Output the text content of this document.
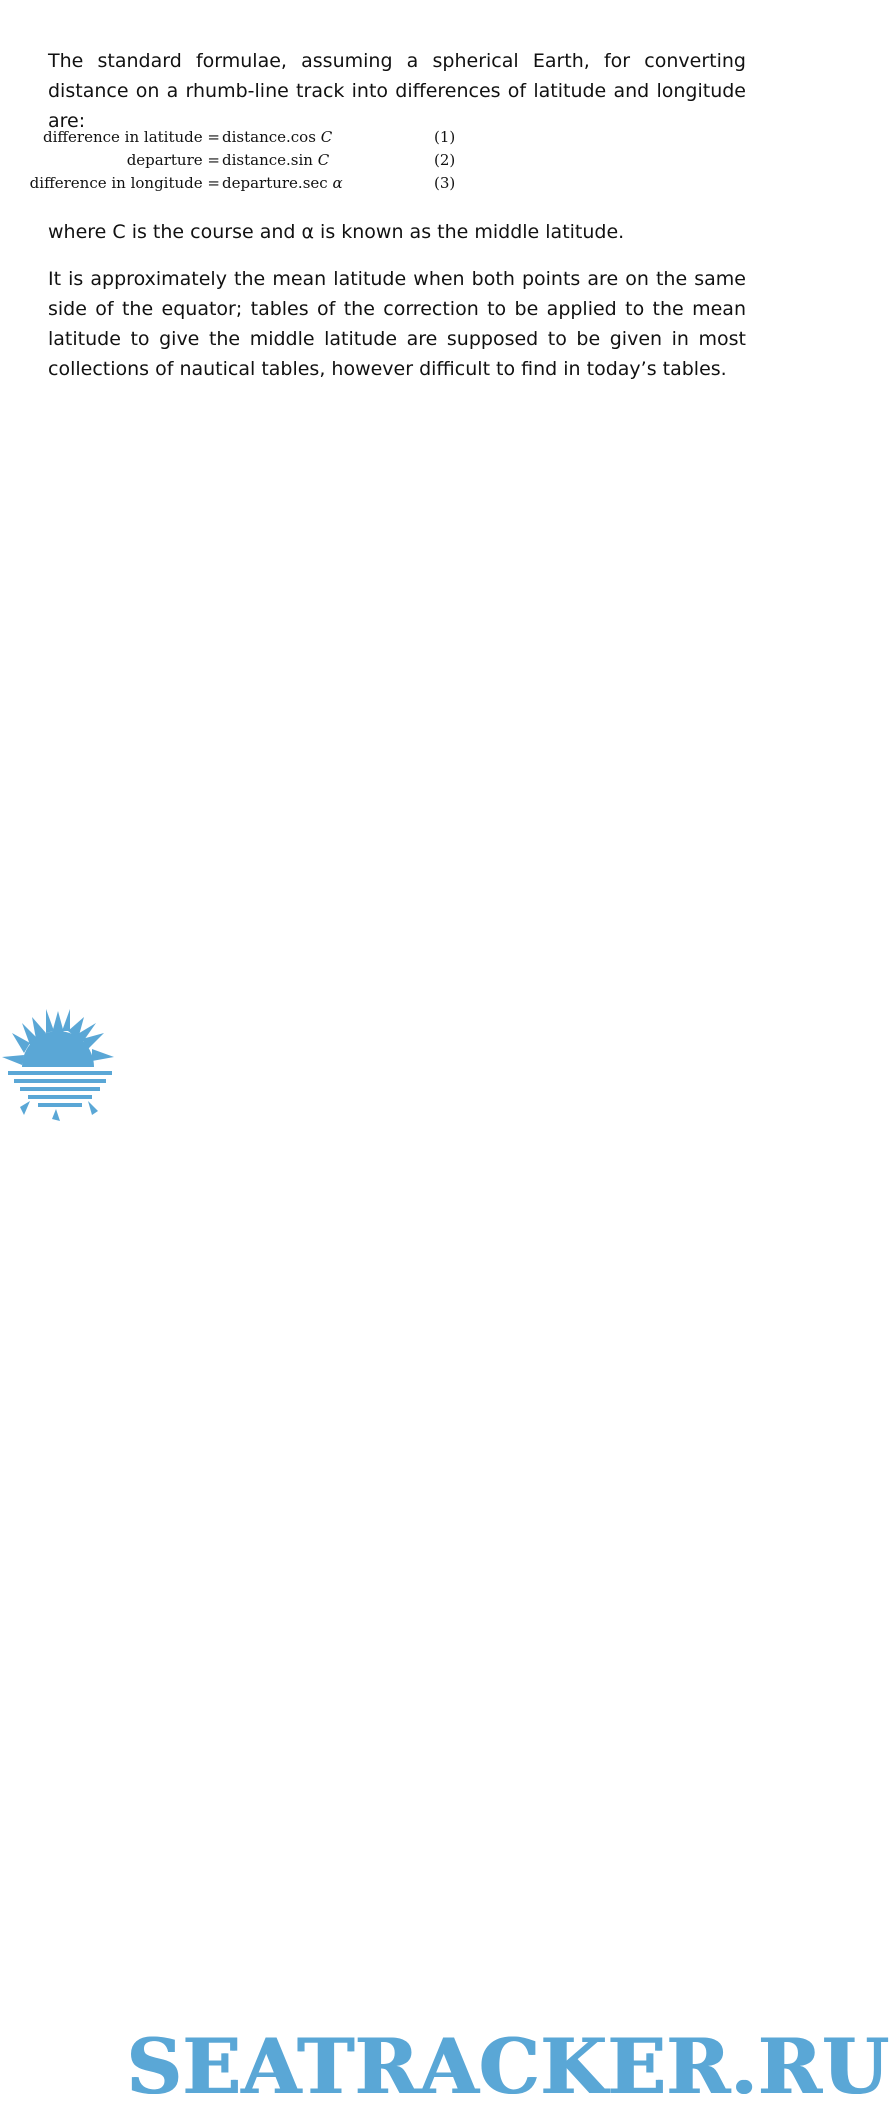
The standard formulae, assuming a spherical Earth, for converting distance on a rhumb-line track into differences of latitude and longitude are:

difference in latitude = distance.cos C	(1)
departure = distance.sin C	(2)
difference in longitude = departure.sec α	(3)

where C is the course and α is known as the middle latitude.

It is approximately the mean latitude when both points are on the same side of the equator; tables of the correction to be applied to the mean latitude to give the middle latitude are supposed to be given in most collections of nautical tables, however difficult to find in today’s tables.

SEATRACKER.RU
